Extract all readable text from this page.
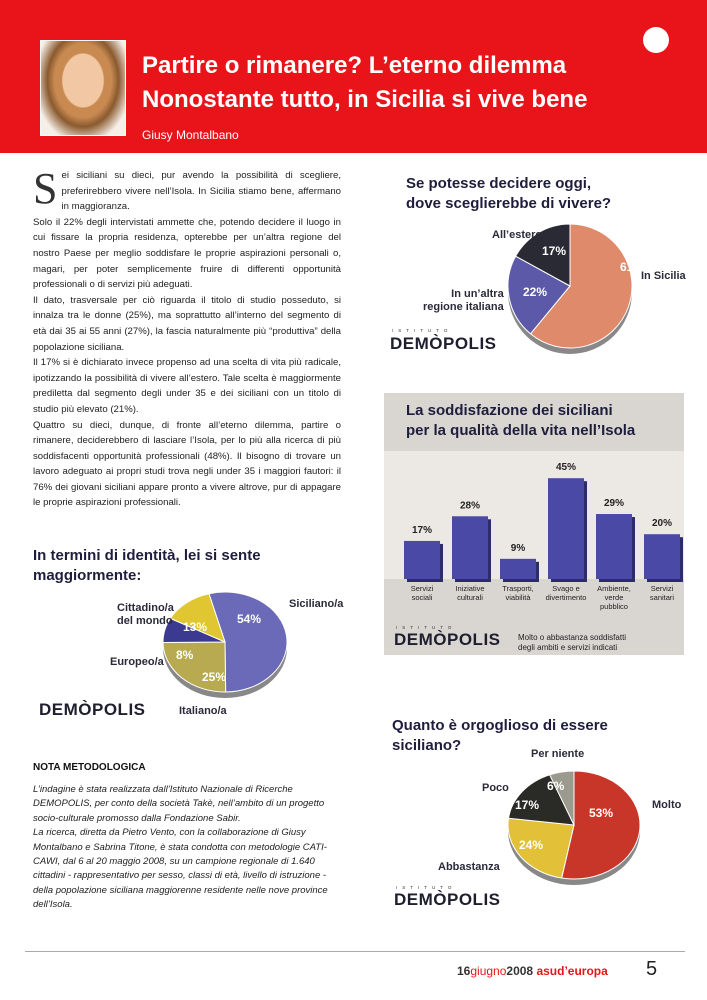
Partire o rimanere? L’eterno dilemma
Nonostante tutto, in Sicilia si vive bene
Giusy Montalbano
S ei siciliani su dieci, pur avendo la possibilità di scegliere, preferirebbero vivere nell’Isola. In Sicilia stiamo bene, affermano in maggioranza.

Solo il 22% degli intervistati ammette che, potendo decidere il luogo in cui fissare la propria residenza, opterebbe per un’altra regione del nostro Paese per meglio soddisfare le proprie aspirazioni personali o, magari, per poter semplicemente fruire di differenti opportunità professionali o di servizi più adeguati.

Il dato, trasversale per ciò riguarda il titolo di studio posseduto, si innalza tra le donne (25%), ma soprattutto all’interno del segmento di età dai 35 ai 55 anni (27%), la fascia naturalmente più “produttiva” della popolazione siciliana.

Il 17% si è dichiarato invece propenso ad una scelta di vita più radicale, ipotizzando la possibilità di vivere all’estero. Tale scelta è maggiormente prediletta dal segmento degli under 35 e dei siciliani con un titolo di studio più elevato (21%).

Quattro su dieci, dunque, di fronte all’eterno dilemma, partire o rimanere, deciderebbero di lasciare l’Isola, per lo più alla ricerca di più soddisfacenti opportunità professionali (48%). Il bisogno di trovare un lavoro adeguato ai propri studi trova negli under 35 i maggiori fautori: il 76% dei giovani siciliani appare pronto a vivere altrove, pur di appagare le proprie aspirazioni professionali.

Se potesse decidere oggi,
dove sceglierebbe di vivere?
In Sicilia
In un’altra
regione italiana
All’estero
61%
22%
17%
ISTITUTO
DEMÒPOLIS
La soddisfazione dei siciliani
per la qualità della vita nell’Isola
17%
Servizi
sociali
28%
Iniziative
culturali
9%
Trasporti,
viabilità
45%
Svago e
divertimento
29%
Ambiente,
verde
pubblico
20%
Servizi
sanitari
ISTITUTO
DEMÒPOLIS Molto o abbastanza soddisfatti
degli ambiti e servizi indicati
In termini di identità, lei si sente
maggiormente:
Siciliano/a
Italiano/a
Europeo/a
Cittadino/a
del mondo	54%
25%
8%
13%
DEMÒPOLIS
Quanto è orgoglioso di essere
siciliano?
Molto
Abbastanza
Poco
Per niente
53%
24%
17%
6%
ISTITUTO
DEMÒPOLIS
NOTA METODOLOGICA

L’indagine è stata realizzata dall’Istituto Nazionale di Ricerche DEMOPOLIS, per conto della società Takè, nell’ambito di un progetto socio-culturale promosso dalla Fondazione Sabir.

La ricerca, diretta da Pietro Vento, con la collaborazione di Giusy Montalbano e Sabrina Titone, è stata condotta con metodologie CATI-CAWI, dal 6 al 20 maggio 2008, su un campione regionale di 1.640 cittadini - rappresentativo per sesso, classi di età, livello di istruzione - della popolazione siciliana maggiorenne residente nelle nove province dell’Isola.

16giugno2008 asud’europa 5
